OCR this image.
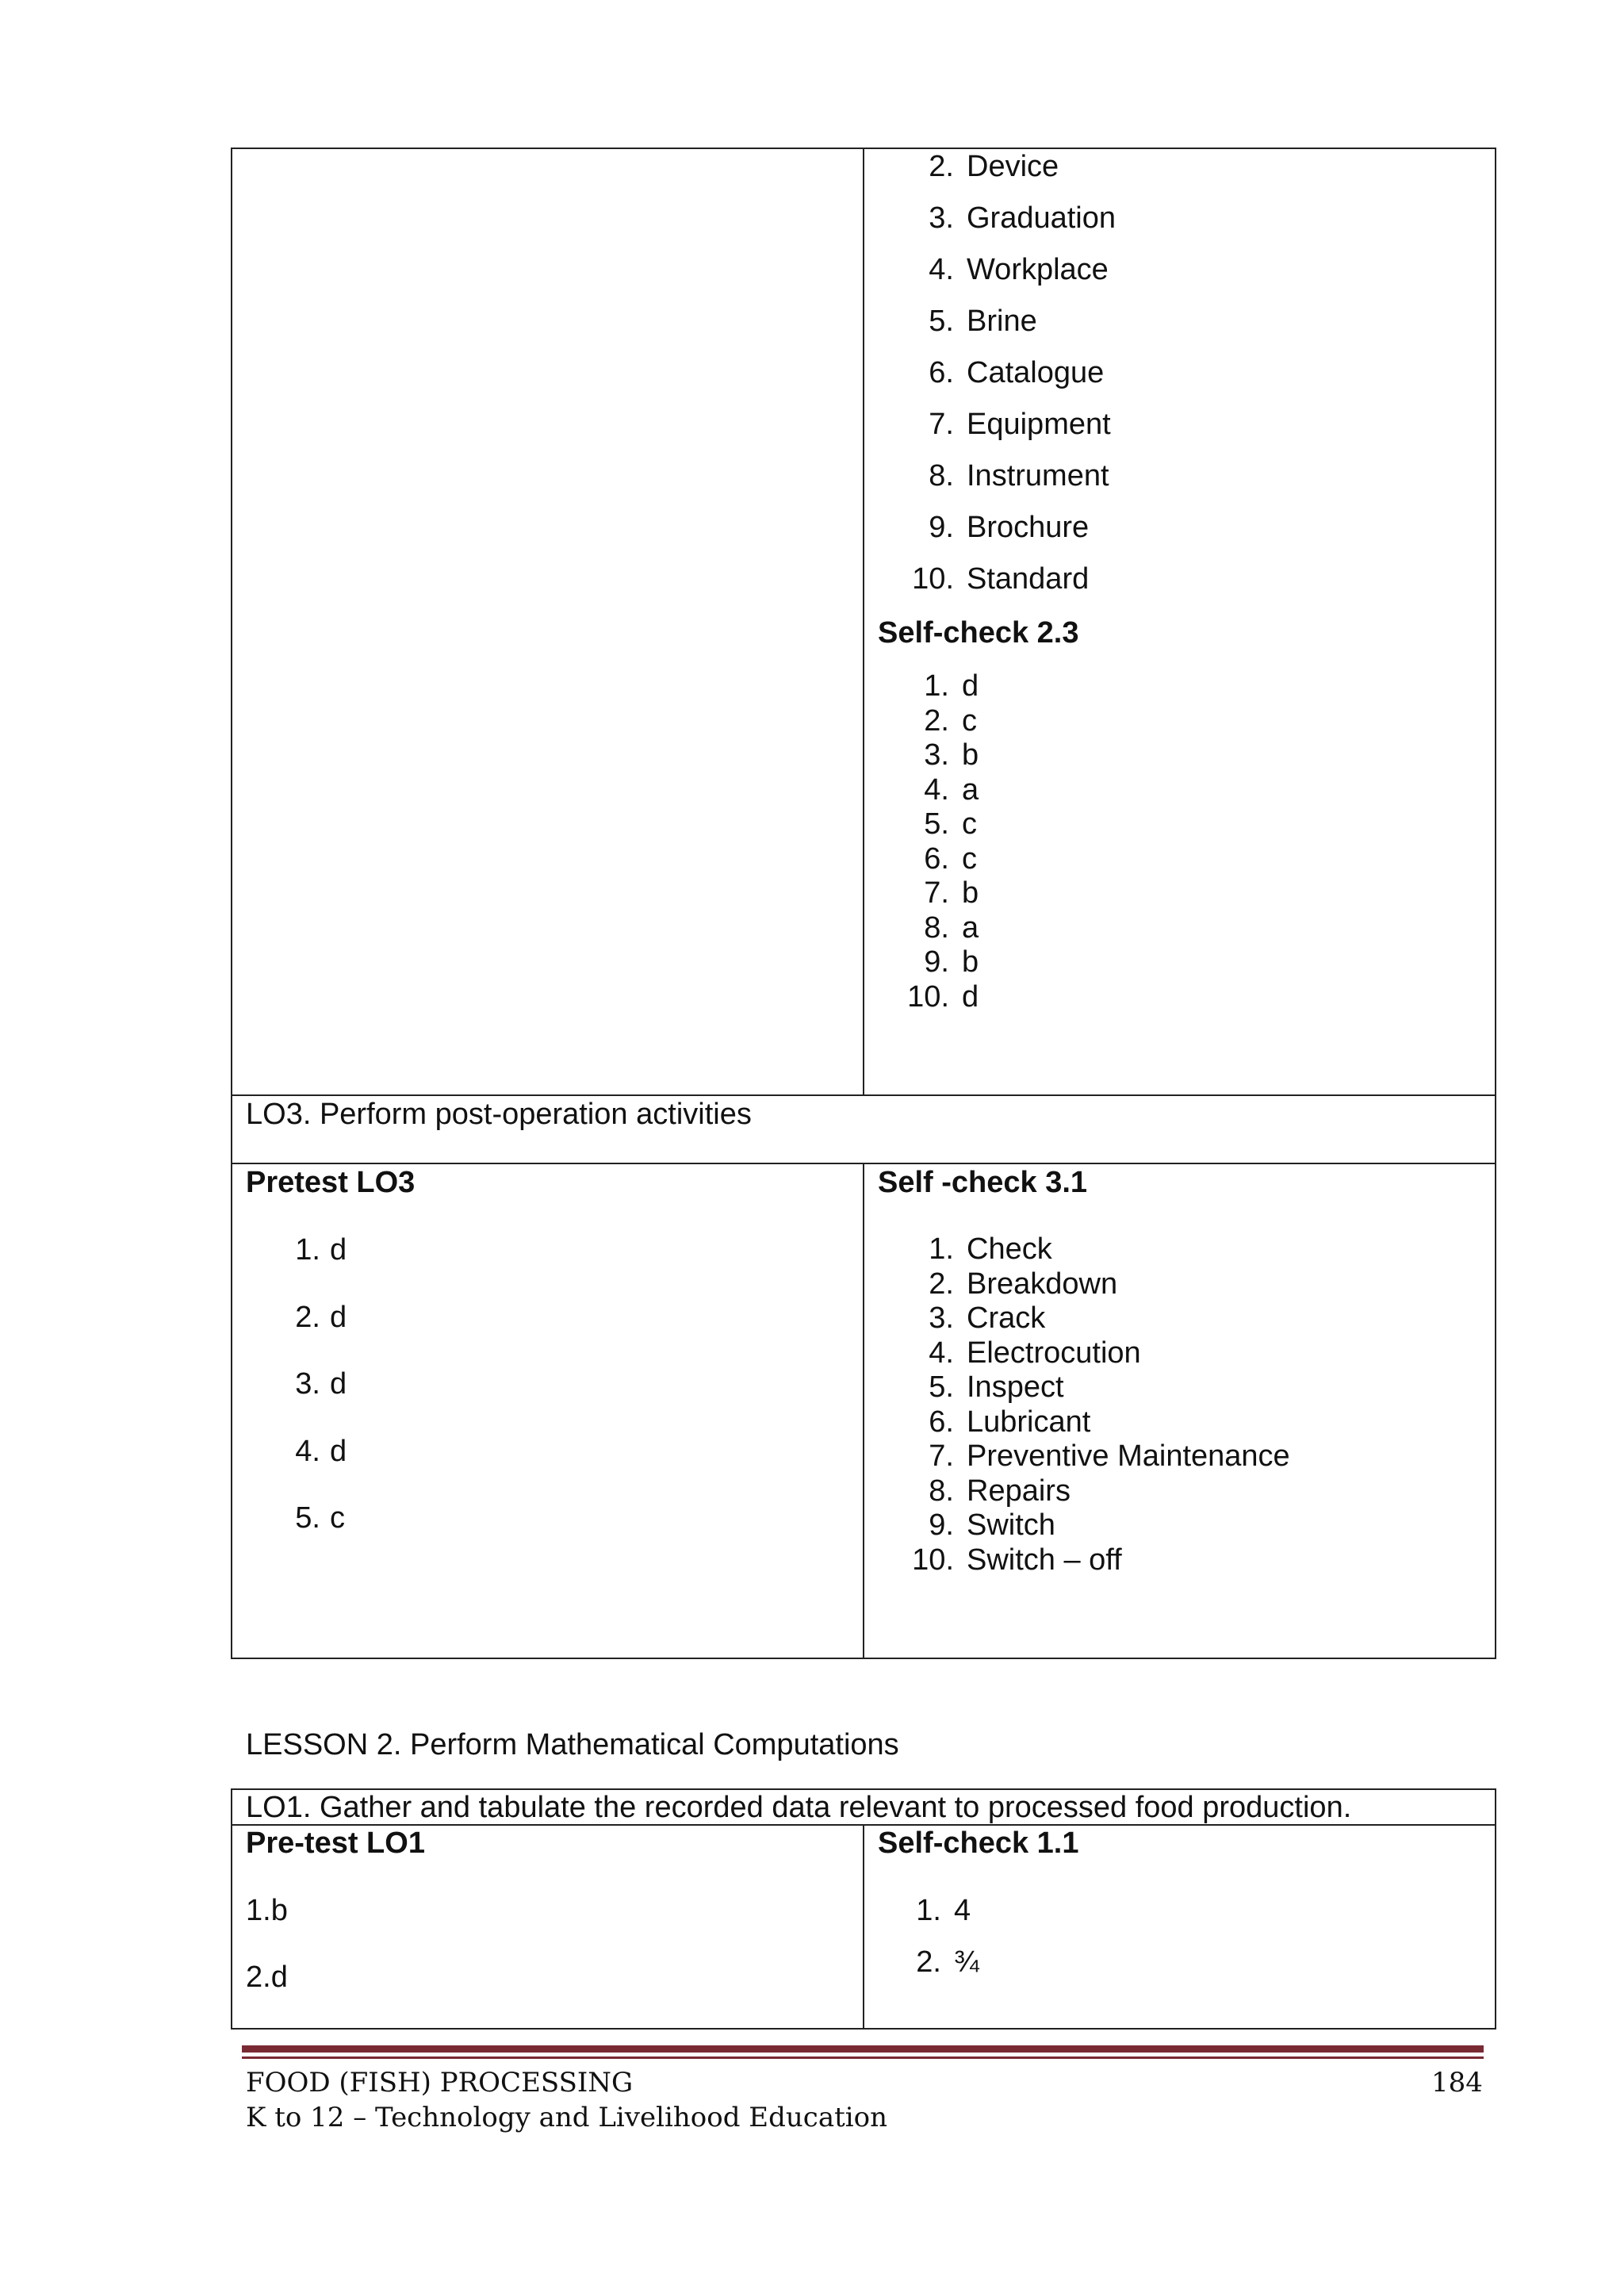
2. Device
3. Graduation
4. Workplace
5. Brine
6. Catalogue
7. Equipment
8. Instrument
9. Brochure
10. Standard
Self-check 2.3
1. d
2. c
3. b
4. a
5. c
6. c
7. b
8. a
9. b
10. d
LO3. Perform post-operation activities
Pretest LO3
1. d
2. d
3. d
4. d
5. c
Self -check 3.1
1. Check
2. Breakdown
3. Crack
4. Electrocution
5. Inspect
6. Lubricant
7. Preventive Maintenance
8. Repairs
9. Switch
10. Switch – off
LESSON 2. Perform Mathematical Computations
LO1. Gather and tabulate the recorded data relevant to processed food production.
Pre-test LO1
1.b
2.d
Self-check 1.1
1. 4
2. ¾
FOOD (FISH) PROCESSING	184
K to 12 – Technology and Livelihood Education
